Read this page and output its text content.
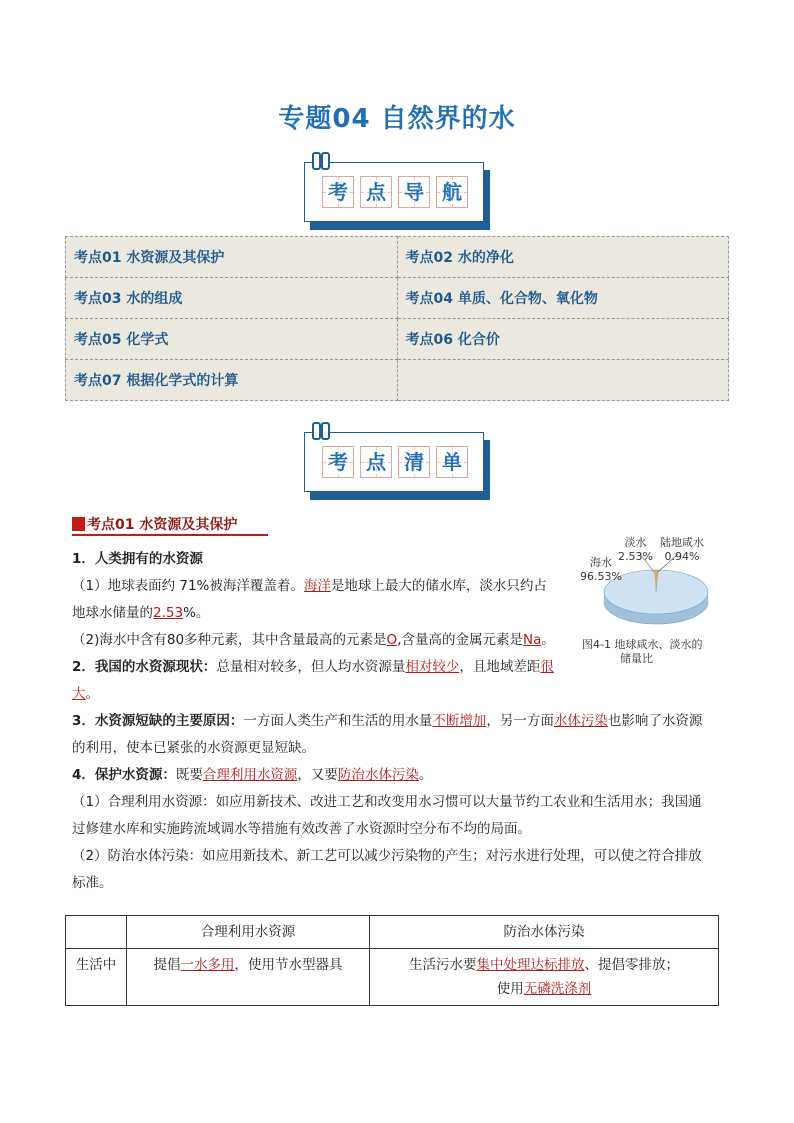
专题04 自然界的水
考 点 导 航
考点01 水资源及其保护	考点02 水的净化
考点03 水的组成	考点04 单质、化合物、氧化物
考点05 化学式	考点06 化合价
考点07 根据化学式的计算	
考 点 清 单
考点01 水资源及其保护
1．人类拥有的水资源
（1）地球表面约 71%被海洋覆盖着。海洋是地球上最大的储水库，淡水只约占
地球水储量的2.53%。
（2)海水中含有80多种元素，其中含量最高的元素是O,含量高的金属元素是Na。
2．我国的水资源现状：总量相对较多，但人均水资源量相对较少，且地域差距很
大。
淡水
2.53%
陆地咸水
0.94%
海水
96.53%
图4-1 地球咸水、淡水的
储量比
3．水资源短缺的主要原因：一方面人类生产和生活的用水量不断增加，另一方面水体污染也影响了水资源
的利用，使本已紧张的水资源更显短缺。
4．保护水资源：既要合理利用水资源，又要防治水体污染。
（1）合理利用水资源：如应用新技术、改进工艺和改变用水习惯可以大量节约工农业和生活用水；我国通
过修建水库和实施跨流域调水等措施有效改善了水资源时空分布不均的局面。
（2）防治水体污染：如应用新技术、新工艺可以减少污染物的产生；对污水进行处理，可以使之符合排放
标准。
	合理利用水资源	防治水体污染
生活中	提倡一水多用，使用节水型器具	生活污水要集中处理达标排放、提倡零排放；
使用无磷洗涤剂
